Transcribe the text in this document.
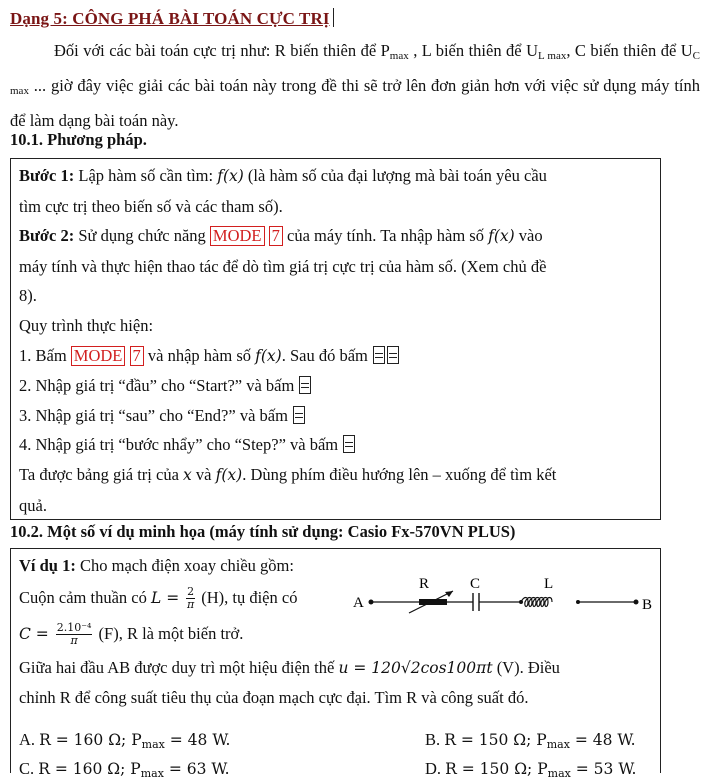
Dạng 5: CÔNG PHÁ BÀI TOÁN CỰC TRỊ

Đối với các bài toán cực trị như: R biến thiên để $P_{max}$ , L biến thiên để $U_{L max}$, C biến thiên để $U_{C max}$ ... giờ đây việc giải các bài toán này trong đề thi sẽ trở lên đơn giản hơn với việc sử dụng máy tính để làm dạng bài toán này.

10.1. Phương pháp.
Bước 1: Lập hàm số cần tìm: f(x) (là hàm số của đại lượng mà bài toán yêu cầu
tìm cực trị theo biến số và các tham số).
Bước 2: Sử dụng chức năng MODE 7 của máy tính. Ta nhập hàm số f(x) vào
máy tính và thực hiện thao tác để dò tìm giá trị cực trị của hàm số. (Xem chủ đề
8).
Quy trình thực hiện:
1. Bấm MODE 7 và nhập hàm số f(x). Sau đó bấm
2. Nhập giá trị “đầu” cho “Start?” và bấm
3. Nhập giá trị “sau” cho “End?” và bấm
4. Nhập giá trị “bước nhẩy” cho “Step?” và bấm
Ta được bảng giá trị của x và f(x). Dùng phím điều hướng lên – xuống để tìm kết
quả.
10.2. Một số ví dụ minh họa (máy tính sử dụng: Casio Fx-570VN PLUS)
Ví dụ 1: Cho mạch điện xoay chiều gồm:
Cuộn cảm thuần có $L = \frac{2}{\pi} (H)$, tụ điện có
$C = \frac{\text{2.10⁻⁴}}{\pi} (F)$, R là một biến trở.
A
R	C	L
B
Giữa hai đầu AB được duy trì một hiệu điện thế u = 120√2cos100πt (V). Điều
chỉnh R để công suất tiêu thụ của đoạn mạch cực đại. Tìm R và công suất đó.
A. R = 160 Ω; $P_{max} = 48$ W.	B. R = 150 Ω; $P_{max} = 48$ W.
C. R = 160 Ω; $P_{max} = 63$ W.	D. R = 150 Ω; $P_{max} = 53$ W.
